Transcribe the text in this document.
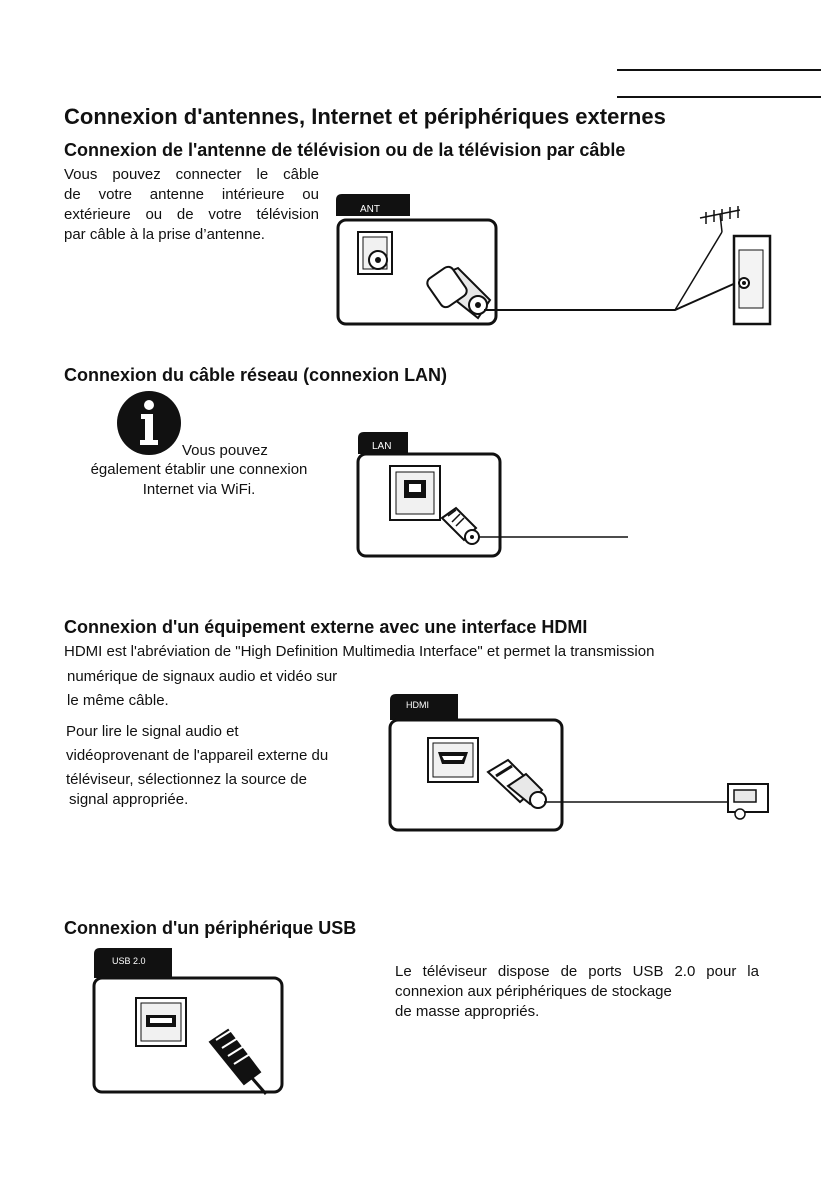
Connexion d'antennes, Internet et périphériques externes
Connexion de l'antenne de télévision ou de la télévision par câble
Vous pouvez connecter le câble
de votre antenne intérieure ou
extérieure ou de votre télévision
par câble à la prise d’antenne.
ANT
Connexion du câble réseau (connexion LAN)
Vous pouvez
également établir une connexion
Internet via WiFi.
LAN
Connexion d'un équipement externe avec une interface HDMI
HDMI est l'abréviation de "High Definition Multimedia Interface" et permet la transmission
numérique de signaux audio et vidéo sur
le même câble.
Pour lire le signal audio et
vidéoprovenant de l'appareil externe du
téléviseur, sélectionnez la source de
signal appropriée.
HDMI
Connexion d'un périphérique USB
USB 2.0
Le téléviseur dispose de ports USB 2.0 pour la
connexion aux périphériques de stockage
de masse appropriés.
